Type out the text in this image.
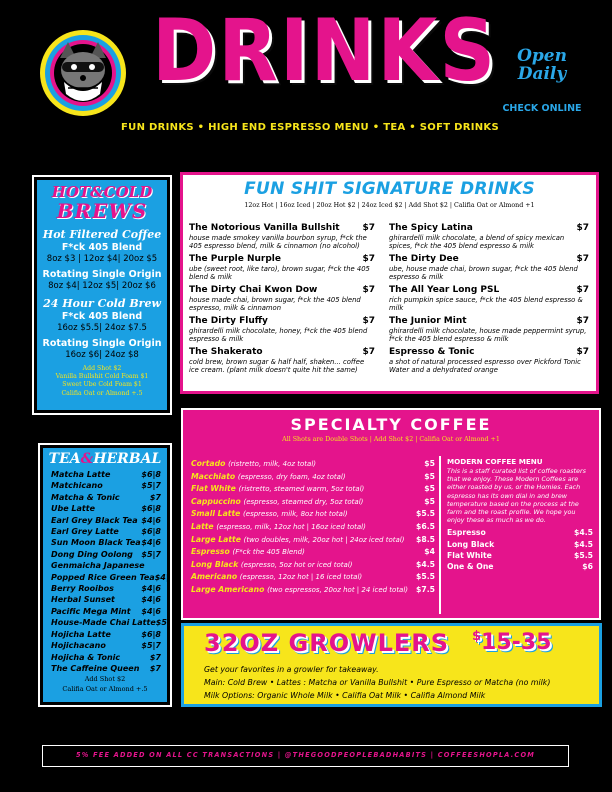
DRINKS	Open Daily
CHECK ONLINE
FUN DRINKS • HIGH END ESPRESSO MENU • TEA • SOFT DRINKS
HOT&COLD
BREWS
Hot Filtered Coffee
F*ck 405 Blend
8oz $3 | 12oz $4| 20oz $5
Rotating Single Origin
8oz $4| 12oz $5| 20oz $6
24 Hour Cold Brew
F*ck 405 Blend
16oz $5.5| 24oz $7.5
Rotating Single Origin
16oz $6| 24oz $8
Add Shot $2
Vanilla Bullshit Cold Foam $1
Sweet Ube Cold Foam $1
Califia Oat or Almond +.5
TEA&HERBAL
Matcha Latte	$6|8
Matchicano	$5|7
Matcha & Tonic	$7
Ube Latte	$6|8
Earl Grey Black Tea $4|6
Earl Grey Latte	$6|8
Sun Moon Black Tea $4|6
Dong Ding Oolong $5|7
Genmaicha Japanese
Popped Rice Green Tea $4|6
Berry Rooibos	$4|6
Herbal Sunset	$4|6
Pacific Mega Mint $4|6
House-Made Chai Latte $5|7
Hojicha Latte	$6|8
Hojichacano	$5|7
Hojicha & Tonic	$7
The Caffeine Queen $7
Add Shot $2
Califia Oat or Almond +.5
FUN SHIT SIGNATURE DRINKS
12oz Hot | 16oz Iced | 20oz Hot $2 | 24oz Iced $2 | Add Shot $2 | Califia Oat or Almond +1
The Notorious Vanilla Bullshit	$7
house made smokey vanilla bourbon syrup, f*ck the 405 espresso blend, milk & cinnamon (no alcohol)
The Spicy Latina	$7
ghirardelli milk chocolate, a blend of spicy mexican spices, f*ck the 405 blend espresso & milk
The Purple Nurple	$7
ube (sweet root, like taro), brown sugar, f*ck the 405 blend & milk
The Dirty Dee	$7
ube, house made chai, brown sugar, f*ck the 405 blend espresso & milk
The Dirty Chai Kwon Dow	$7
house made chai, brown sugar, f*ck the 405 blend espresso, milk & cinnamon
The All Year Long PSL	$7
rich pumpkin spice sauce, f*ck the 405 blend espresso & milk
The Dirty Fluffy	$7
ghirardelli milk chocolate, honey, f*ck the 405 blend espresso & milk
The Junior Mint	$7
ghirardelli milk chocolate, house made peppermint syrup, f*ck the 405 blend espresso & milk
The Shakerato	$7
cold brew, brown sugar & half half, shaken... coffee ice cream. (plant milk doesn't quite hit the same)
Espresso & Tonic	$7
a shot of natural processed espresso over Pickford Tonic Water and a dehydrated orange
SPECIALTY COFFEE
All Shots are Double Shots | Add Shot $2 | Califia Oat or Almond +1
Cortado (ristretto, milk, 4oz total)	$5
Macchiato (espresso, dry foam, 4oz total)	$5
Flat White (ristretto, steamed warm, 5oz total)	$5
Cappuccino (espresso, steamed dry, 5oz total)	$5
Small Latte (espresso, milk, 8oz hot total)	$5.5
Latte (espresso, milk, 12oz hot | 16oz iced total)	$6.5
Large Latte (two doubles, milk, 20oz hot | 24oz iced total) $8.5
Espresso (F*ck the 405 Blend)	$4
Long Black (espresso, 5oz hot or iced total)	$4.5
Americano (espresso, 12oz hot | 16 iced total)	$5.5
Large Americano (two espressos, 20oz hot | 24 iced total) $7.5
MODERN COFFEE MENU
This is a staff curated list of coffee roasters that we enjoy. These Modern Coffees are either roasted by us, or the Homies. Each espresso has its own dial in and brew temperature based on the process at the farm and the roast profile. We hope you enjoy these as much as we do.
Espresso	$4.5
Long Black	$4.5
Flat White	$5.5
One & One	$6
32OZ GROWLERS $15-35
Get your favorites in a growler for takeaway.
Main: Cold Brew • Lattes : Matcha or Vanilla Bullshit • Pure Espresso or Matcha (no milk)
Milk Options: Organic Whole Milk • Califia Oat Milk • Califia Almond Milk
5% FEE ADDED ON ALL CC TRANSACTIONS | @THEGOODPEOPLEBADHABITS | COFFEESHOPLA.COM
